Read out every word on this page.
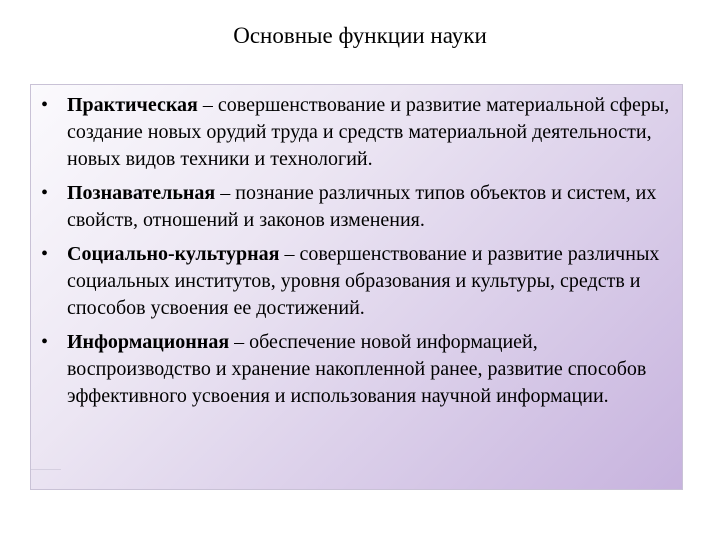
Основные функции науки
• Практическая – совершенствование и развитие материальной сферы, создание новых орудий труда и средств материальной деятельности, новых видов техники и технологий.
• Познавательная – познание различных типов объектов и систем, их свойств, отношений и законов изменения.
• Социально-культурная – совершенствование и развитие различных социальных институтов, уровня образования и культуры, средств и способов усвоения ее достижений.
• Информационная – обеспечение новой информацией, воспроизводство и хранение накопленной ранее, развитие способов эффективного усвоения и использования научной информации.
